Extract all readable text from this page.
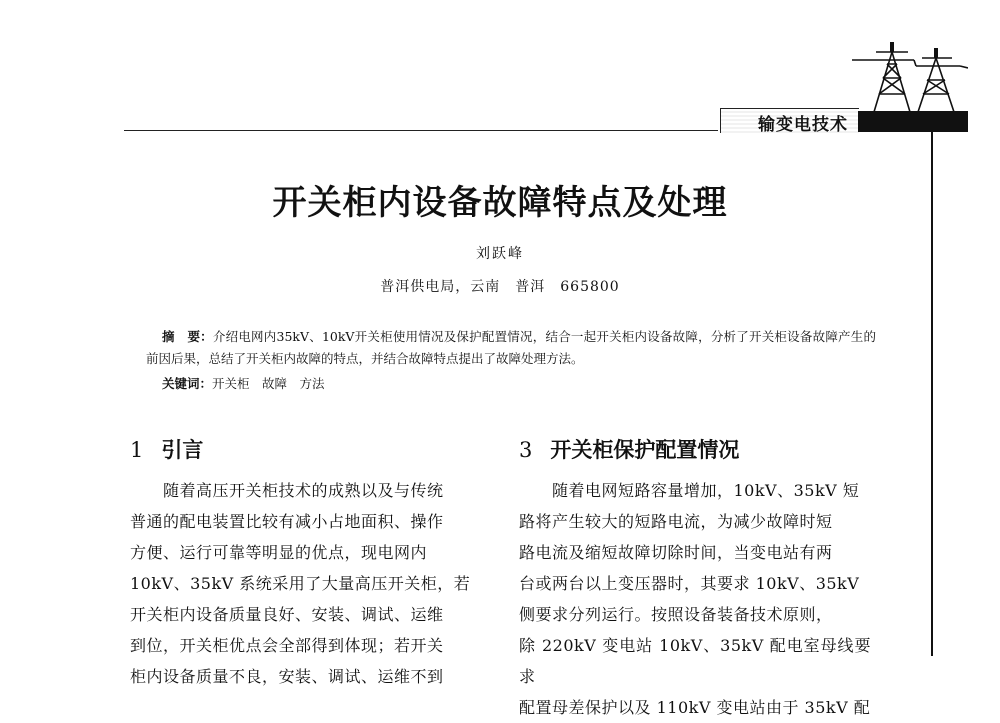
输变电技术
开关柜内设备故障特点及处理
刘跃峰
普洱供电局，云南　普洱　665800
摘　要：介绍电网内35kV、10kV开关柜使用情况及保护配置情况，结合一起开关柜内设备故障，分析了开关柜设备故障产生的前因后果，总结了开关柜内故障的特点，并结合故障特点提出了故障处理方法。
关键词：开关柜　故障　方法
1 引言
　　随着高压开关柜技术的成熟以及与传统
普通的配电装置比较有减小占地面积、操作
方便、运行可靠等明显的优点，现电网内
10kV、35kV 系统采用了大量高压开关柜，若
开关柜内设备质量良好、安装、调试、运维
到位，开关柜优点会全部得到体现；若开关
柜内设备质量不良，安装、调试、运维不到
3 开关柜保护配置情况
　　随着电网短路容量增加，10kV、35kV 短
路将产生较大的短路电流，为减少故障时短
路电流及缩短故障切除时间，当变电站有两
台或两台以上变压器时，其要求 10kV、35kV
侧要求分列运行。按照设备装备技术原则，
除 220kV 变电站 10kV、35kV 配电室母线要求
配置母差保护以及 110kV 变电站由于 35kV 配
